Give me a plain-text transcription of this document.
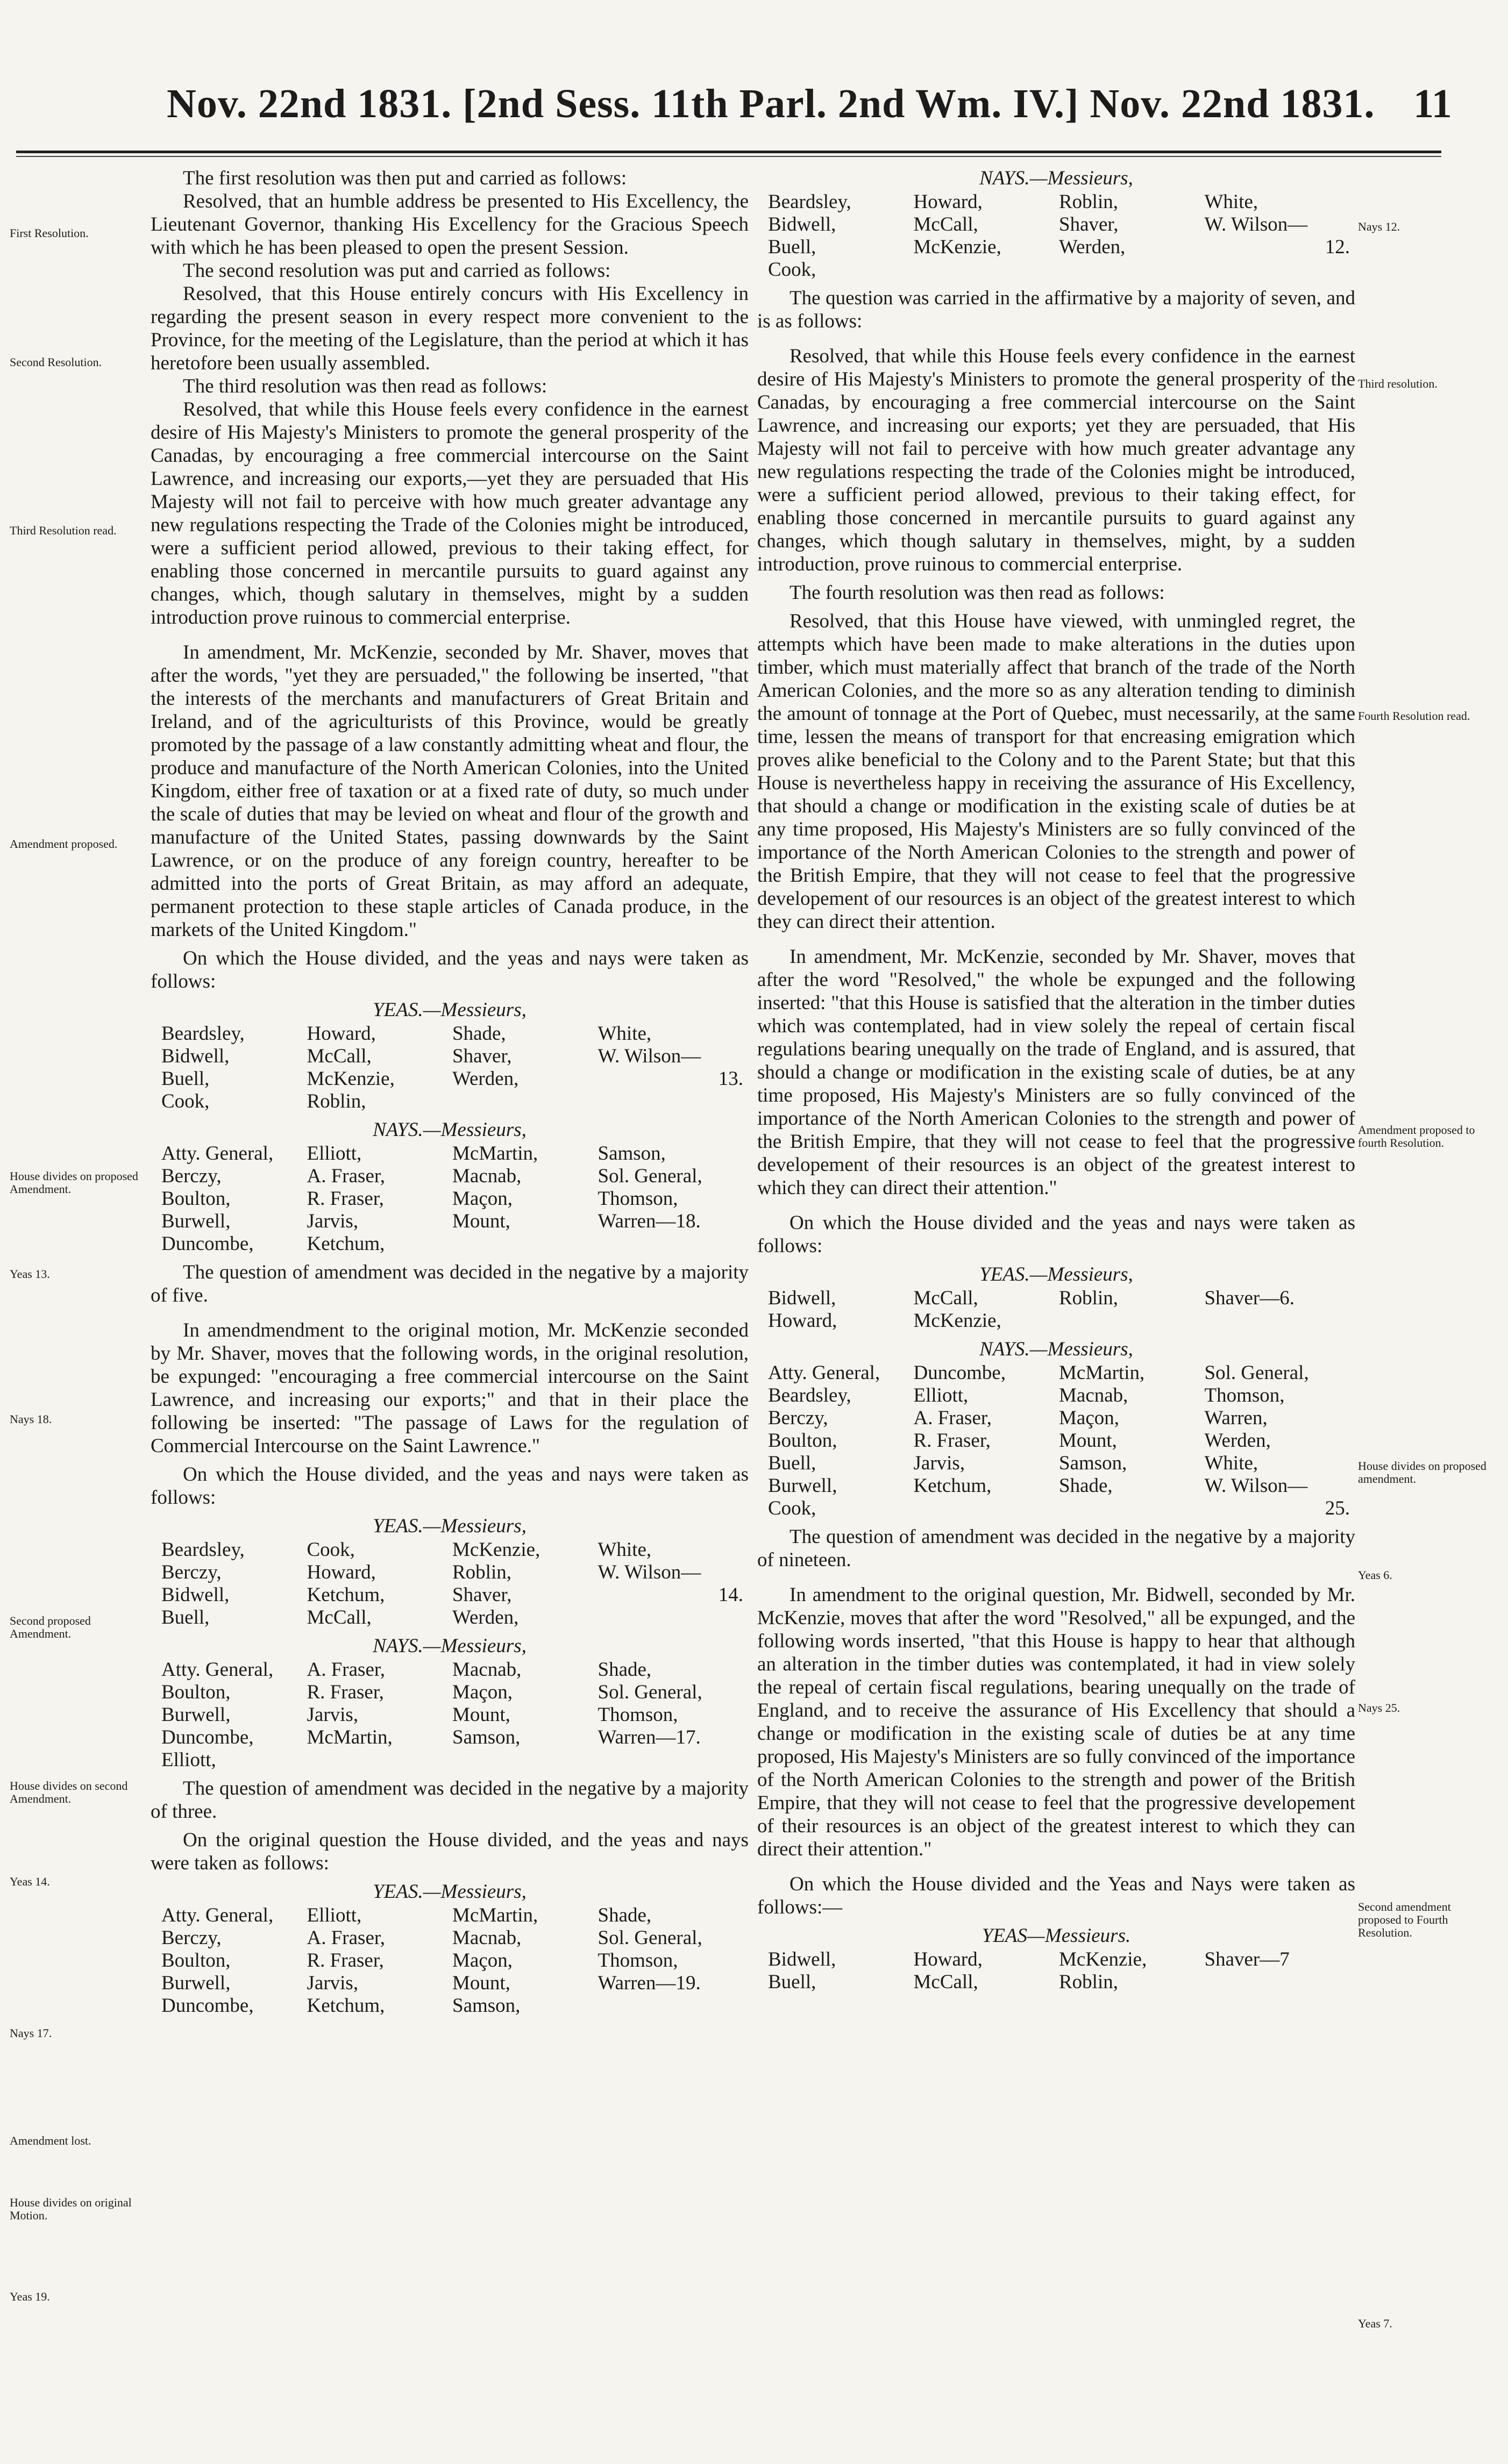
Nov. 22nd 1831. [2nd Sess. 11th Parl. 2nd Wm. IV.] Nov. 22nd 1831. 11
First Resolution.
Second Resolution.
Third Resolution read.
Amendment proposed.
House divides on proposed Amendment.
Yeas 13.
Nays 18.
Second proposed Amendment.
House divides on second Amendment.
Yeas 14.
Nays 17.
Amendment lost.
House divides on original Motion.
Yeas 19.
Nays 12.
Third resolution.
Fourth Resolution read.
Amendment proposed to fourth Resolution.
House divides on proposed amendment.
Yeas 6.
Nays 25.
Second amendment proposed to Fourth Resolution.
Yeas 7.

The first resolution was then put and carried as follows:

Resolved, that an humble address be presented to His Excellency, the Lieutenant Governor, thanking His Excellency for the Gracious Speech with which he has been pleased to open the present Session.

The second resolution was put and carried as follows:

Resolved, that this House entirely concurs with His Excellency in regarding the present season in every respect more convenient to the Province, for the meeting of the Legislature, than the period at which it has heretofore been usually assembled.

The third resolution was then read as follows:

Resolved, that while this House feels every confidence in the earnest desire of His Majesty's Ministers to promote the general prosperity of the Canadas, by encouraging a free commercial intercourse on the Saint Lawrence, and increasing our exports,—yet they are persuaded that His Majesty will not fail to perceive with how much greater advantage any new regulations respecting the Trade of the Colonies might be introduced, were a sufficient period allowed, previous to their taking effect, for enabling those concerned in mercantile pursuits to guard against any changes, which, though salutary in themselves, might by a sudden introduction prove ruinous to commercial enterprise.

In amendment, Mr. McKenzie, seconded by Mr. Shaver, moves that after the words, "yet they are persuaded," the following be inserted, "that the interests of the merchants and manufacturers of Great Britain and Ireland, and of the agriculturists of this Province, would be greatly promoted by the passage of a law constantly admitting wheat and flour, the produce and manufacture of the North American Colonies, into the United Kingdom, either free of taxation or at a fixed rate of duty, so much under the scale of duties that may be levied on wheat and flour of the growth and manufacture of the United States, passing downwards by the Saint Lawrence, or on the produce of any foreign country, hereafter to be admitted into the ports of Great Britain, as may afford an adequate, permanent protection to these staple articles of Canada produce, in the markets of the United Kingdom."

On which the House divided, and the yeas and nays were taken as follows:

YEAS.—Messieurs,
Beardsley,	Howard,	Shade,	White,
Bidwell,	McCall,	Shaver,	W. Wilson—
Buell,	McKenzie,	Werden,	13.
Cook,	Roblin,		
NAYS.—Messieurs,
Atty. General,	Elliott,	McMartin,	Samson,
Berczy,	A. Fraser,	Macnab,	Sol. General,
Boulton,	R. Fraser,	Maçon,	Thomson,
Burwell,	Jarvis,	Mount,	Warren—18.
Duncombe,	Ketchum,		

The question of amendment was decided in the negative by a majority of five.

In amendmendment to the original motion, Mr. McKenzie seconded by Mr. Shaver, moves that the following words, in the original resolution, be expunged: "encouraging a free commercial intercourse on the Saint Lawrence, and increasing our exports;" and that in their place the following be inserted: "The passage of Laws for the regulation of Commercial Intercourse on the Saint Lawrence."

On which the House divided, and the yeas and nays were taken as follows:

YEAS.—Messieurs,
Beardsley,	Cook,	McKenzie,	White,
Berczy,	Howard,	Roblin,	W. Wilson—
Bidwell,	Ketchum,	Shaver,	14.
Buell,	McCall,	Werden,	
NAYS.—Messieurs,
Atty. General,	A. Fraser,	Macnab,	Shade,
Boulton,	R. Fraser,	Maçon,	Sol. General,
Burwell,	Jarvis,	Mount,	Thomson,
Duncombe,	McMartin,	Samson,	Warren—17.
Elliott,			

The question of amendment was decided in the negative by a majority of three.

On the original question the House divided, and the yeas and nays were taken as follows:

YEAS.—Messieurs,
Atty. General,	Elliott,	McMartin,	Shade,
Berczy,	A. Fraser,	Macnab,	Sol. General,
Boulton,	R. Fraser,	Maçon,	Thomson,
Burwell,	Jarvis,	Mount,	Warren—19.
Duncombe,	Ketchum,	Samson,	
NAYS.—Messieurs,
Beardsley,	Howard,	Roblin,	White,
Bidwell,	McCall,	Shaver,	W. Wilson—
Buell,	McKenzie,	Werden,	12.
Cook,			

The question was carried in the affirmative by a majority of seven, and is as follows:

Resolved, that while this House feels every confidence in the earnest desire of His Majesty's Ministers to promote the general prosperity of the Canadas, by encouraging a free commercial intercourse on the Saint Lawrence, and increasing our exports; yet they are persuaded, that His Majesty will not fail to perceive with how much greater advantage any new regulations respecting the trade of the Colonies might be introduced, were a sufficient period allowed, previous to their taking effect, for enabling those concerned in mercantile pursuits to guard against any changes, which though salutary in themselves, might, by a sudden introduction, prove ruinous to commercial enterprise.

The fourth resolution was then read as follows:

Resolved, that this House have viewed, with unmingled regret, the attempts which have been made to make alterations in the duties upon timber, which must materially affect that branch of the trade of the North American Colonies, and the more so as any alteration tending to diminish the amount of tonnage at the Port of Quebec, must necessarily, at the same time, lessen the means of transport for that encreasing emigration which proves alike beneficial to the Colony and to the Parent State; but that this House is nevertheless happy in receiving the assurance of His Excellency, that should a change or modification in the existing scale of duties be at any time proposed, His Majesty's Ministers are so fully convinced of the importance of the North American Colonies to the strength and power of the British Empire, that they will not cease to feel that the progressive developement of our resources is an object of the greatest interest to which they can direct their attention.

In amendment, Mr. McKenzie, seconded by Mr. Shaver, moves that after the word "Resolved," the whole be expunged and the following inserted: "that this House is satisfied that the alteration in the timber duties which was contemplated, had in view solely the repeal of certain fiscal regulations bearing unequally on the trade of England, and is assured, that should a change or modification in the existing scale of duties, be at any time proposed, His Majesty's Ministers are so fully convinced of the importance of the North American Colonies to the strength and power of the British Empire, that they will not cease to feel that the progressive developement of their resources is an object of the greatest interest to which they can direct their attention."

On which the House divided and the yeas and nays were taken as follows:

YEAS.—Messieurs,
Bidwell,	McCall,	Roblin,	Shaver—6.
Howard,	McKenzie,		
NAYS.—Messieurs,
Atty. General,	Duncombe,	McMartin,	Sol. General,
Beardsley,	Elliott,	Macnab,	Thomson,
Berczy,	A. Fraser,	Maçon,	Warren,
Boulton,	R. Fraser,	Mount,	Werden,
Buell,	Jarvis,	Samson,	White,
Burwell,	Ketchum,	Shade,	W. Wilson—
Cook,			25.

The question of amendment was decided in the negative by a majority of nineteen.

In amendment to the original question, Mr. Bidwell, seconded by Mr. McKenzie, moves that after the word "Resolved," all be expunged, and the following words inserted, "that this House is happy to hear that although an alteration in the timber duties was contemplated, it had in view solely the repeal of certain fiscal regulations, bearing unequally on the trade of England, and to receive the assurance of His Excellency that should a change or modification in the existing scale of duties be at any time proposed, His Majesty's Ministers are so fully convinced of the importance of the North American Colonies to the strength and power of the British Empire, that they will not cease to feel that the progressive developement of their resources is an object of the greatest interest to which they can direct their attention."

On which the House divided and the Yeas and Nays were taken as follows:—

YEAS—Messieurs.
Bidwell,	Howard,	McKenzie,	Shaver—7
Buell,	McCall,	Roblin,	
